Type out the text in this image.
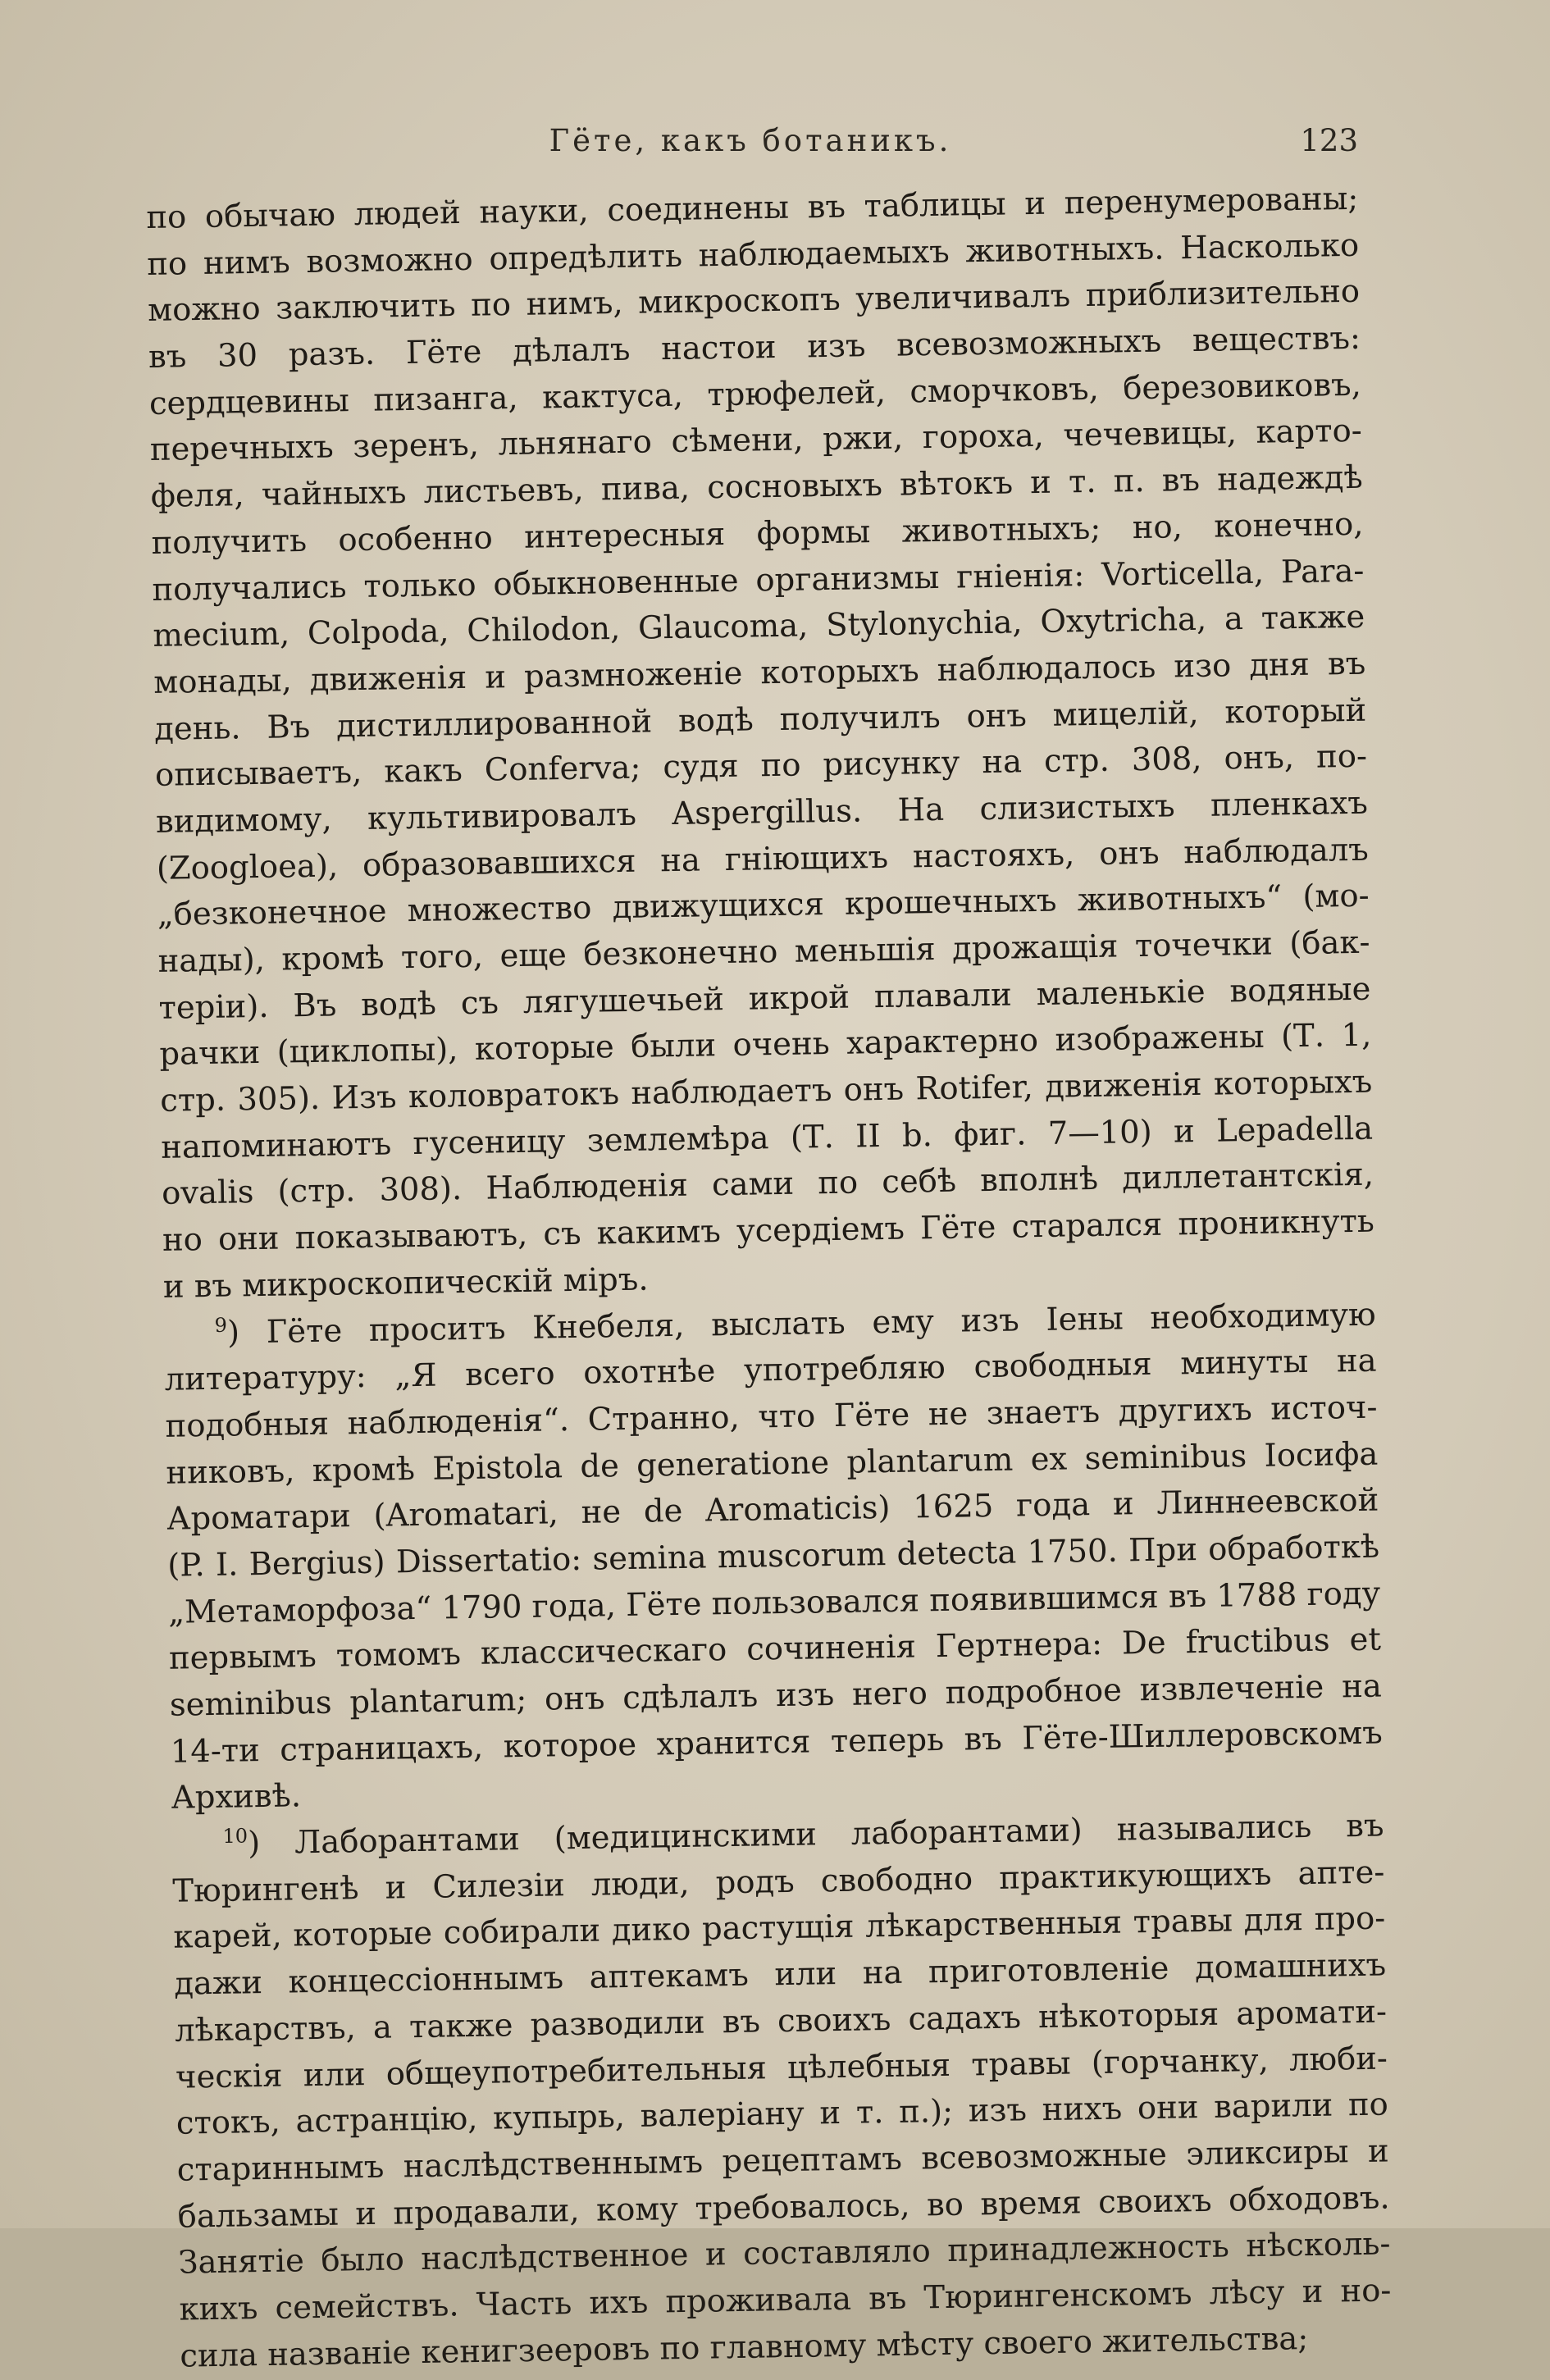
Гёте, какъ ботаникъ.	123
по обычаю людей науки, соединены въ таблицы и перенумерованы;
по нимъ возможно опредѣлить наблюдаемыхъ животныхъ. Насколько
можно заключить по нимъ, микроскопъ увеличивалъ приблизительно
въ 30 разъ. Гёте дѣлалъ настои изъ всевозможныхъ веществъ:
сердцевины пизанга, кактуса, трюфелей, сморчковъ, березовиковъ,
перечныхъ зеренъ, льнянаго сѣмени, ржи, гороха, чечевицы, карто-
феля, чайныхъ листьевъ, пива, сосновыхъ вѣтокъ и т. п. въ надеждѣ
получить особенно интересныя формы животныхъ; но, конечно,
получались только обыкновенные организмы гніенія: Vorticella, Para-
mecium, Colpoda, Chilodon, Glaucoma, Stylonychia, Oxytricha, а также
монады, движенія и размноженіе которыхъ наблюдалось изо дня въ
день. Въ дистиллированной водѣ получилъ онъ мицелій, который
описываетъ, какъ Conferva; судя по рисунку на стр. 308, онъ, по-
видимому, культивировалъ Aspergillus. На слизистыхъ пленкахъ
(Zoogloea), образовавшихся на гніющихъ настояхъ, онъ наблюдалъ
„безконечное множество движущихся крошечныхъ животныхъ“ (мо-
нады), кромѣ того, еще безконечно меньшія дрожащія точечки (бак-
теріи). Въ водѣ съ лягушечьей икрой плавали маленькіе водяные
рачки (циклопы), которые были очень характерно изображены (Т. 1,
стр. 305). Изъ коловратокъ наблюдаетъ онъ Rotifer, движенія которыхъ
напоминаютъ гусеницу землемѣра (Т. II b. фиг. 7—10) и Lepadella
ovalis (стр. 308). Наблюденія сами по себѣ вполнѣ диллетантскія,
но они показываютъ, съ какимъ усердіемъ Гёте старался проникнуть
и въ микроскопическій міръ.
$^9$) Гёте проситъ Кнебеля, выслать ему изъ Іены необходимую
литературу: „Я всего охотнѣе употребляю свободныя минуты на
подобныя наблюденія“. Странно, что Гёте не знаетъ другихъ источ-
никовъ, кромѣ Epistola de generatione plantarum ex seminibus Іосифа
Ароматари (Aromatari, не de Aromaticis) 1625 года и Линнеевской
(P. I. Bergius) Dissertatio: semina muscorum detecta 1750. При обработкѣ
„Метаморфоза“ 1790 года, Гёте пользовался появившимся въ 1788 году
первымъ томомъ классическаго сочиненія Гертнера: De fructibus et
seminibus plantarum; онъ сдѣлалъ изъ него подробное извлеченіе на
14-ти страницахъ, которое хранится теперь въ Гёте-Шиллеровскомъ
Архивѣ.
$^{10}$) Лаборантами (медицинскими лаборантами) назывались въ
Тюрингенѣ и Силезіи люди, родъ свободно практикующихъ апте-
карей, которые собирали дико растущія лѣкарственныя травы для про-
дажи концессіоннымъ аптекамъ или на приготовленіе домашнихъ
лѣкарствъ, а также разводили въ своихъ садахъ нѣкоторыя аромати-
ческія или общеупотребительныя цѣлебныя травы (горчанку, люби-
стокъ, астранцію, купырь, валеріану и т. п.); изъ нихъ они варили по
стариннымъ наслѣдственнымъ рецептамъ всевозможные эликсиры и
бальзамы и продавали, кому требовалось, во время своихъ обходовъ.
Занятіе было наслѣдственное и составляло принадлежность нѣсколь-
кихъ семействъ. Часть ихъ проживала въ Тюрингенскомъ лѣсу и но-
сила названіе кенигзееровъ по главному мѣсту своего жительства;
